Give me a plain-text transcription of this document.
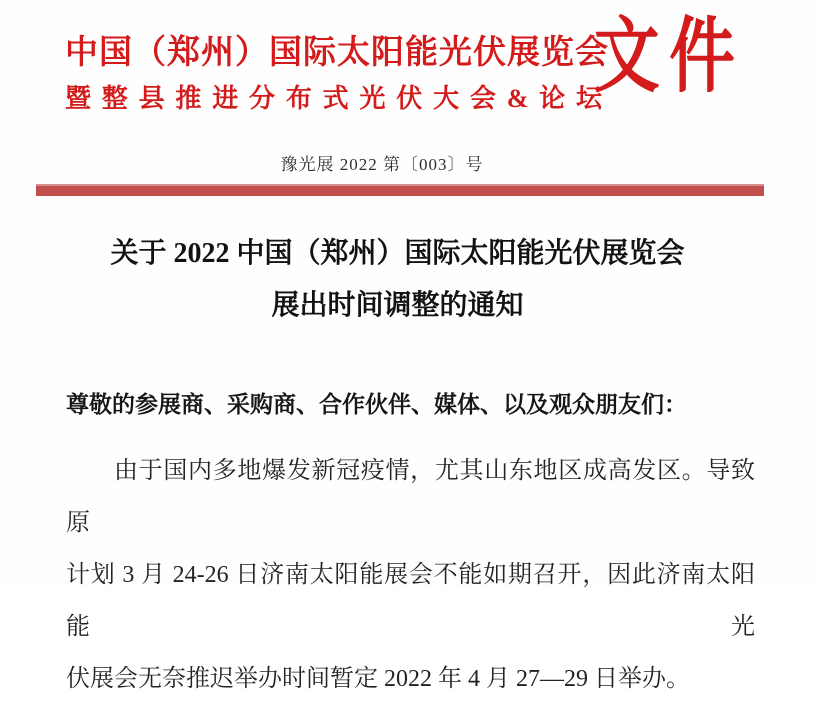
中国（郑州）国际太阳能光伏展览会
暨整县推进分布式光伏大会&论坛
文件
豫光展 2022 第〔003〕号
关于 2022 中国（郑州）国际太阳能光伏展览会
展出时间调整的通知
尊敬的参展商、采购商、合作伙伴、媒体、以及观众朋友们：
由于国内多地爆发新冠疫情，尤其山东地区成高发区。导致原
计划 3 月 24-26 日济南太阳能展会不能如期召开，因此济南太阳能光
伏展会无奈推迟举办时间暂定 2022 年 4 月 27—29 日举办。
